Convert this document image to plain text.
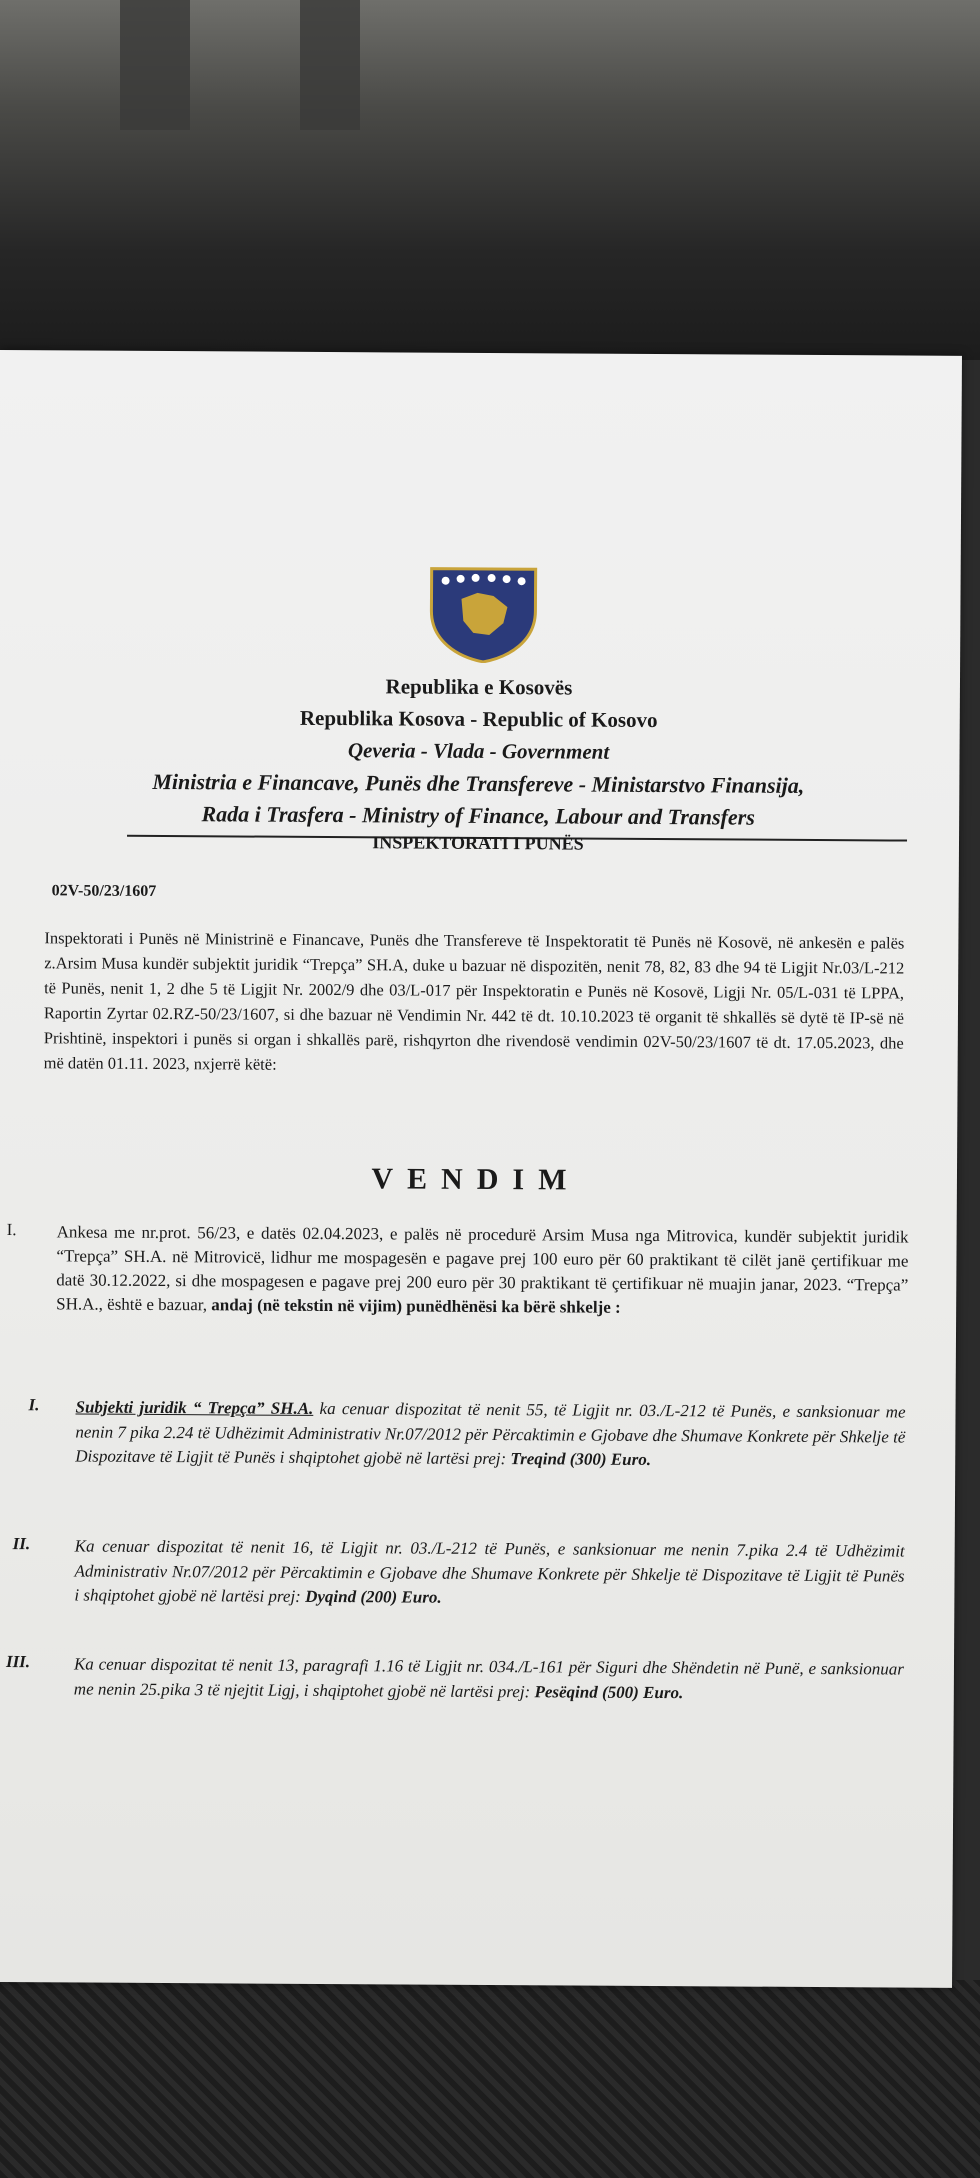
Republika e Kosovës
Republika Kosova - Republic of Kosovo
Qeveria - Vlada - Government
Ministria e Financave, Punës dhe Transfereve - Ministarstvo Finansija,
Rada i Trasfera - Ministry of Finance, Labour and Transfers
INSPEKTORATI I PUNËS
02V-50/23/1607
Inspektorati i Punës në Ministrinë e Financave, Punës dhe Transfereve të Inspektoratit të Punës në Kosovë, në ankesën e palës z.Arsim Musa kundër subjektit juridik “Trepça” SH.A, duke u bazuar në dispozitën, nenit 78, 82, 83 dhe 94 të Ligjit Nr.03/L-212 të Punës, nenit 1, 2 dhe 5 të Ligjit Nr. 2002/9 dhe 03/L-017 për Inspektoratin e Punës në Kosovë, Ligji Nr. 05/L-031 të LPPA, Raportin Zyrtar 02.RZ-50/23/1607, si dhe bazuar në Vendimin Nr. 442 të dt. 10.10.2023 të organit të shkallës së dytë të IP-së në Prishtinë, inspektori i punës si organ i shkallës parë, rishqyrton dhe rivendosë vendimin 02V-50/23/1607 të dt. 17.05.2023, dhe më datën 01.11. 2023, nxjerrë këtë:
VENDIM
I. Ankesa me nr.prot. 56/23, e datës 02.04.2023, e palës në procedurë Arsim Musa nga Mitrovica, kundër subjektit juridik “Trepça” SH.A. në Mitrovicë, lidhur me mospagesën e pagave prej 100 euro për 60 praktikant të cilët janë çertifikuar me datë 30.12.2022, si dhe mospagesen e pagave prej 200 euro për 30 praktikant të çertifikuar në muajin janar, 2023. “Trepça” SH.A., është e bazuar, andaj (në tekstin në vijim) punëdhënësi ka bërë shkelje :
I. Subjekti juridik “ Trepça” SH.A. ka cenuar dispozitat të nenit 55, të Ligjit nr. 03./L-212 të Punës, e sanksionuar me nenin 7 pika 2.24 të Udhëzimit Administrativ Nr.07/2012 për Përcaktimin e Gjobave dhe Shumave Konkrete për Shkelje të Dispozitave të Ligjit të Punës i shqiptohet gjobë në lartësi prej: Treqind (300) Euro.
II.	Ka cenuar dispozitat të nenit 16, të Ligjit nr. 03./L-212 të Punës, e sanksionuar me nenin 7.pika 2.4 të Udhëzimit Administrativ Nr.07/2012 për Përcaktimin e Gjobave dhe Shumave Konkrete për Shkelje të Dispozitave të Ligjit të Punës i shqiptohet gjobë në lartësi prej: Dyqind (200) Euro.
III.	Ka cenuar dispozitat të nenit 13, paragrafi 1.16 të Ligjit nr. 034./L-161 për Siguri dhe Shëndetin në Punë, e sanksionuar me nenin 25.pika 3 të njejtit Ligj, i shqiptohet gjobë në lartësi prej: Pesëqind (500) Euro.
